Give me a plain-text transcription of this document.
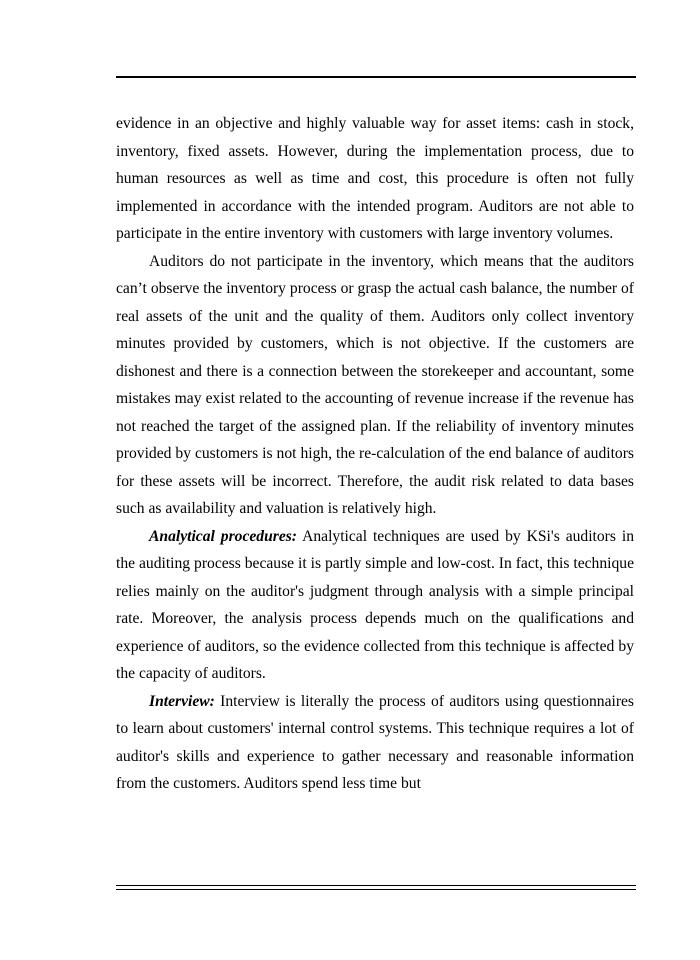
evidence in an objective and highly valuable way for asset items: cash in stock, inventory, fixed assets. However, during the implementation process, due to human resources as well as time and cost, this procedure is often not fully implemented in accordance with the intended program. Auditors are not able to participate in the entire inventory with customers with large inventory volumes.

Auditors do not participate in the inventory, which means that the auditors can’t observe the inventory process or grasp the actual cash balance, the number of real assets of the unit and the quality of them. Auditors only collect inventory minutes provided by customers, which is not objective. If the customers are dishonest and there is a connection between the storekeeper and accountant, some mistakes may exist related to the accounting of revenue increase if the revenue has not reached the target of the assigned plan. If the reliability of inventory minutes provided by customers is not high, the re-calculation of the end balance of auditors for these assets will be incorrect. Therefore, the audit risk related to data bases such as availability and valuation is relatively high.

Analytical procedures: Analytical techniques are used by KSi's auditors in the auditing process because it is partly simple and low-cost. In fact, this technique relies mainly on the auditor's judgment through analysis with a simple principal rate. Moreover, the analysis process depends much on the qualifications and experience of auditors, so the evidence collected from this technique is affected by the capacity of auditors.

Interview: Interview is literally the process of auditors using questionnaires to learn about customers' internal control systems. This technique requires a lot of auditor's skills and experience to gather necessary and reasonable information from the customers. Auditors spend less time but
